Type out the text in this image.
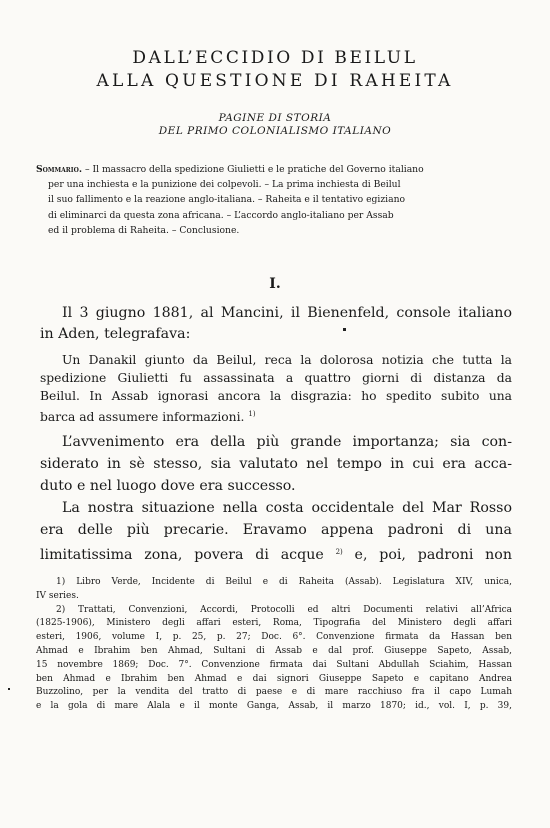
DALL’ECCIDIO DI BEILUL
ALLA QUESTIONE DI RAHEITA
PAGINE DI STORIA
DEL PRIMO COLONIALISMO ITALIANO
Sommario. – Il massacro della spedizione Giulietti e le pratiche del Governo italiano
per una inchiesta e la punizione dei colpevoli. – La prima inchiesta di Beilul
il suo fallimento e la reazione anglo-italiana. – Raheita e il tentativo egiziano
di eliminarci da questa zona africana. – L’accordo anglo-italiano per Assab
ed il problema di Raheita. – Conclusione.
I.
Il 3 giugno 1881, al Mancini, il Bienenfeld, console italiano
in Aden, telegrafava:
Un Danakil giunto da Beilul, reca la dolorosa notizia che tutta la
spedizione Giulietti fu assassinata a quattro giorni di distanza da
Beilul. In Assab ignorasi ancora la disgrazia: ho spedito subito una
barca ad assumere informazioni. $^{1)}$
L’avvenimento era della più grande importanza; sia con-
siderato in sè stesso, sia valutato nel tempo in cui era acca-
duto e nel luogo dove era successo.
La nostra situazione nella costa occidentale del Mar Rosso
era delle più precarie. Eravamo appena padroni di una
limitatissima zona, povera di acque $^{2)}$ e, poi, padroni non
1) Libro Verde, Incidente di Beilul e di Raheita (Assab). Legislatura XIV, unica,
IV series.
2) Trattati, Convenzioni, Accordi, Protocolli ed altri Documenti relativi all’Africa
(1825-1906), Ministero degli affari esteri, Roma, Tipografia del Ministero degli affari
esteri, 1906, volume I, p. 25, p. 27; Doc. 6°. Convenzione firmata da Hassan ben
Ahmad e Ibrahim ben Ahmad, Sultani di Assab e dal prof. Giuseppe Sapeto, Assab,
15 novembre 1869; Doc. 7°. Convenzione firmata dai Sultani Abdullah Sciahim, Hassan
ben Ahmad e Ibrahim ben Ahmad e dai signori Giuseppe Sapeto e capitano Andrea
Buzzolino, per la vendita del tratto di paese e di mare racchiuso fra il capo Lumah
e la gola di mare Alala e il monte Ganga, Assab, il marzo 1870; id., vol. I, p. 39,
